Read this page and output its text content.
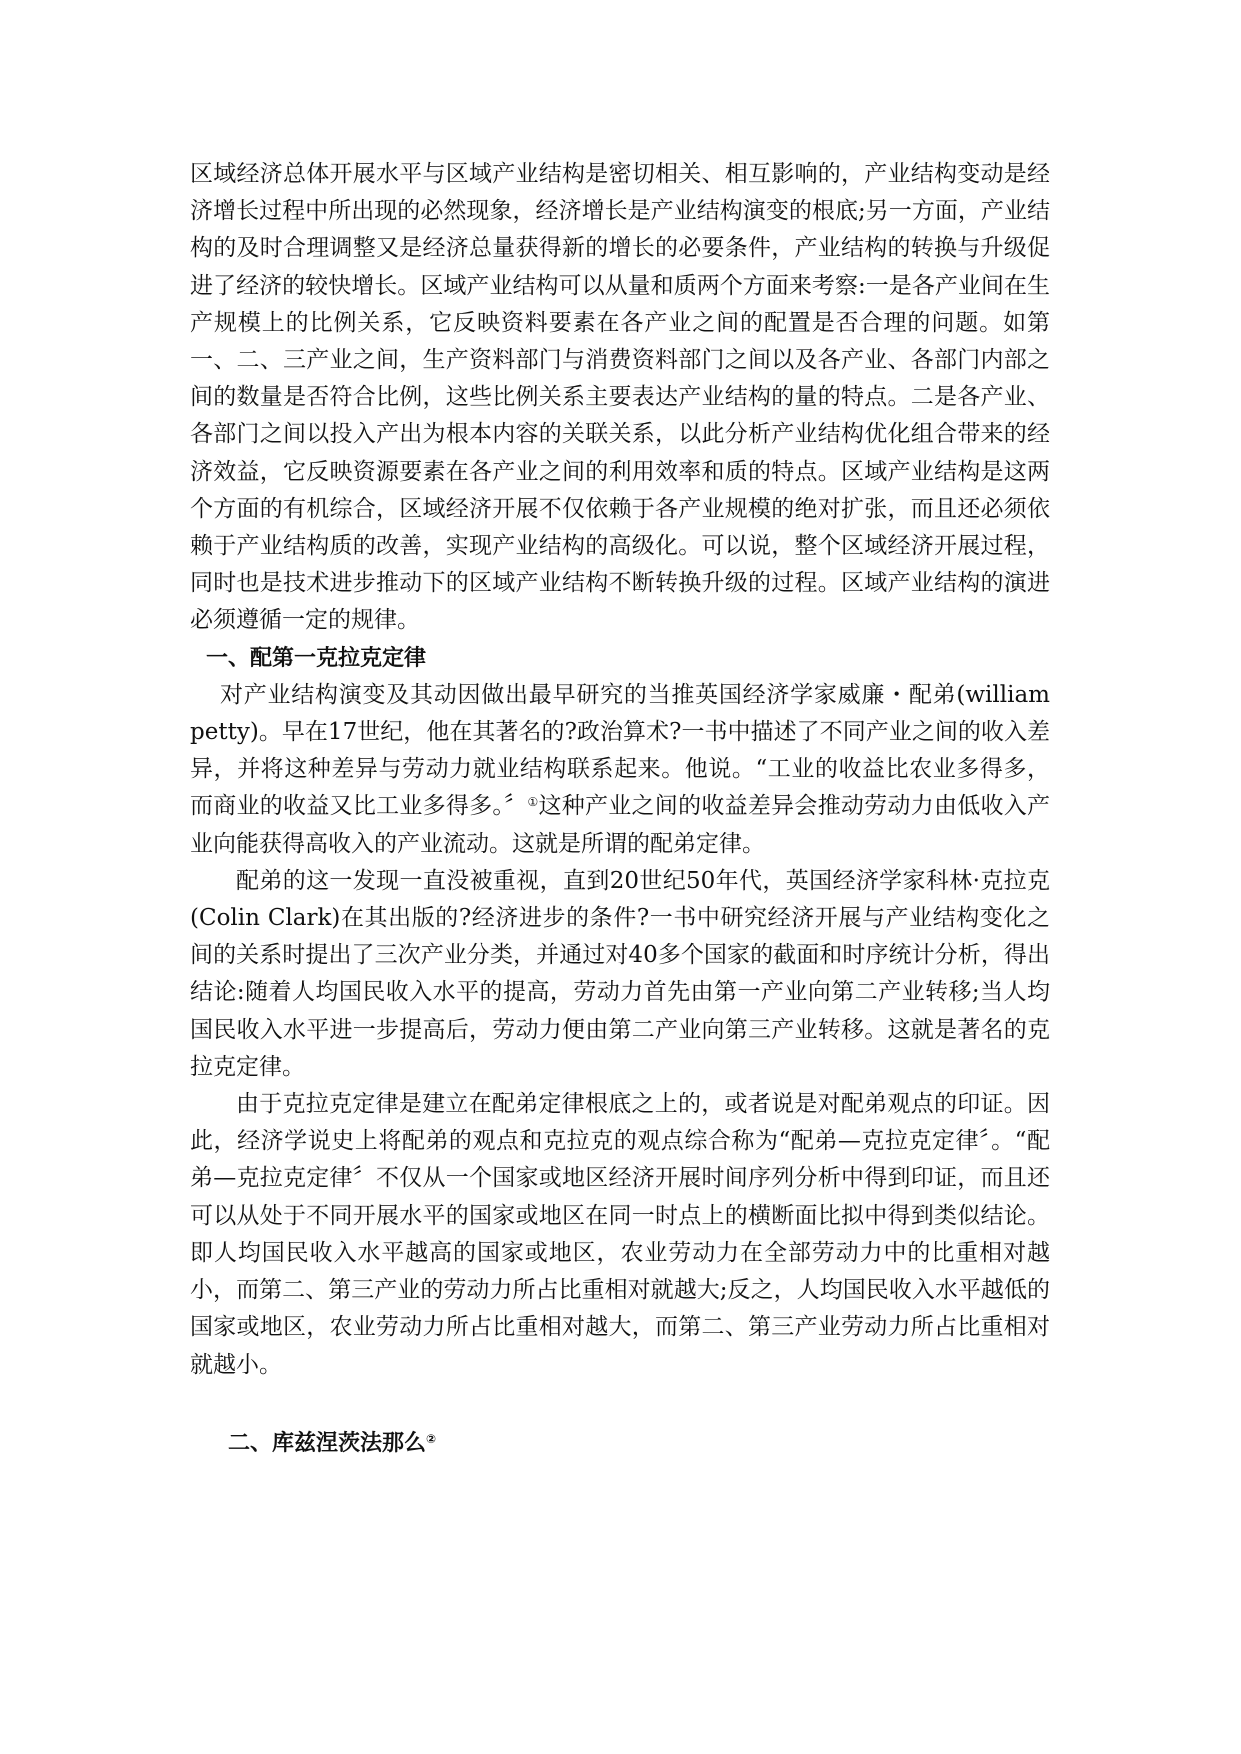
区域经济总体开展水平与区域产业结构是密切相关、相互影响的，产业结构变动是经济增长过程中所出现的必然现象，经济增长是产业结构演变的根底;另一方面，产业结构的及时合理调整又是经济总量获得新的增长的必要条件，产业结构的转换与升级促进了经济的较快增长。区域产业结构可以从量和质两个方面来考察:一是各产业间在生产规模上的比例关系，它反映资料要素在各产业之间的配置是否合理的问题。如第一、二、三产业之间，生产资料部门与消费资料部门之间以及各产业、各部门内部之间的数量是否符合比例，这些比例关系主要表达产业结构的量的特点。二是各产业、各部门之间以投入产出为根本内容的关联关系，以此分析产业结构优化组合带来的经济效益，它反映资源要素在各产业之间的利用效率和质的特点。区域产业结构是这两个方面的有机综合，区域经济开展不仅依赖于各产业规模的绝对扩张，而且还必须依赖于产业结构质的改善，实现产业结构的高级化。可以说，整个区域经济开展过程，同时也是技术进步推动下的区域产业结构不断转换升级的过程。区域产业结构的演进必须遵循一定的规律。

一、配第一克拉克定律

对产业结构演变及其动因做出最早研究的当推英国经济学家威廉・配弟(william　petty)。早在17世纪，他在其著名的?政治算术?一书中描述了不同产业之间的收入差异，并将这种差异与劳动力就业结构联系起来。他说。“工业的收益比农业多得多，而商业的收益又比工业多得多。〞①这种产业之间的收益差异会推动劳动力由低收入产业向能获得高收入的产业流动。这就是所谓的配弟定律。

配弟的这一发现一直没被重视，直到20世纪50年代，英国经济学家科林·克拉克(Colin Clark)在其出版的?经济进步的条件?一书中研究经济开展与产业结构变化之间的关系时提出了三次产业分类，并通过对40多个国家的截面和时序统计分析，得出结论:随着人均国民收入水平的提高，劳动力首先由第一产业向第二产业转移;当人均国民收入水平进一步提高后，劳动力便由第二产业向第三产业转移。这就是著名的克拉克定律。

由于克拉克定律是建立在配弟定律根底之上的，或者说是对配弟观点的印证。因此，经济学说史上将配弟的观点和克拉克的观点综合称为“配弟—克拉克定律〞。“配弟—克拉克定律〞不仅从一个国家或地区经济开展时间序列分析中得到印证，而且还可以从处于不同开展水平的国家或地区在同一时点上的横断面比拟中得到类似结论。即人均国民收入水平越高的国家或地区，农业劳动力在全部劳动力中的比重相对越小，而第二、第三产业的劳动力所占比重相对就越大;反之，人均国民收入水平越低的国家或地区，农业劳动力所占比重相对越大，而第二、第三产业劳动力所占比重相对就越小。

二、库兹涅茨法那么②
